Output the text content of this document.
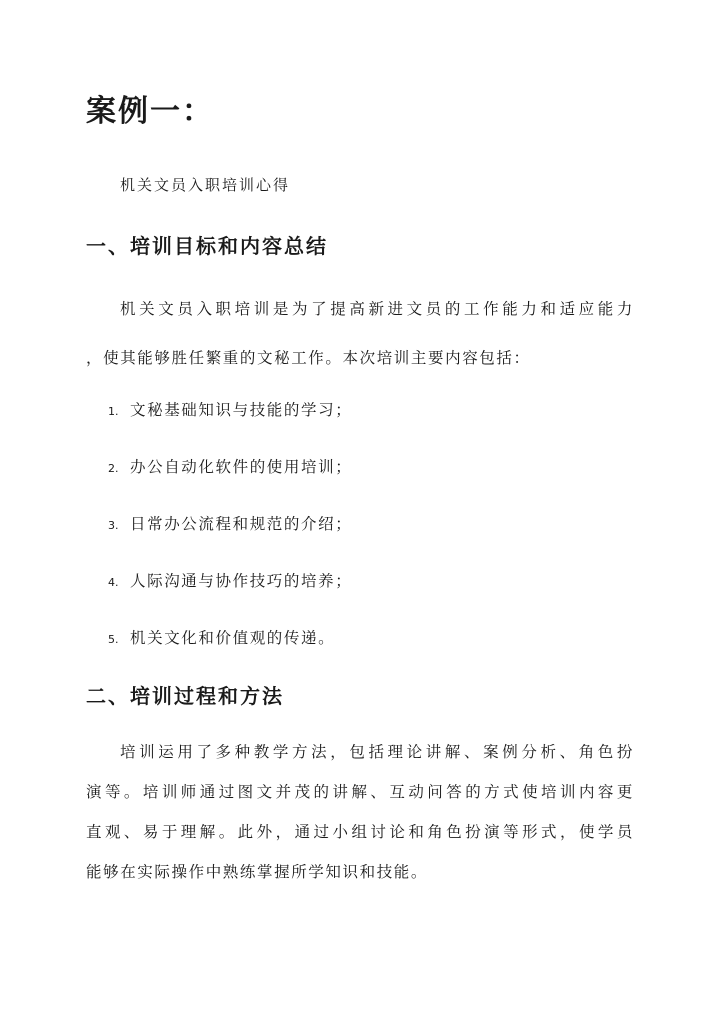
案例一：

机关文员入职培训心得

一、培训目标和内容总结
机关文员入职培训是为了提高新进文员的工作能力和适应能力
，使其能够胜任繁重的文秘工作。本次培训主要内容包括：
1. 文秘基础知识与技能的学习；
2. 办公自动化软件的使用培训；
3. 日常办公流程和规范的介绍；
4. 人际沟通与协作技巧的培养；
5. 机关文化和价值观的传递。
二、培训过程和方法
培训运用了多种教学方法，包括理论讲解、案例分析、角色扮
演等。培训师通过图文并茂的讲解、互动问答的方式使培训内容更
直观、易于理解。此外，通过小组讨论和角色扮演等形式，使学员
能够在实际操作中熟练掌握所学知识和技能。
